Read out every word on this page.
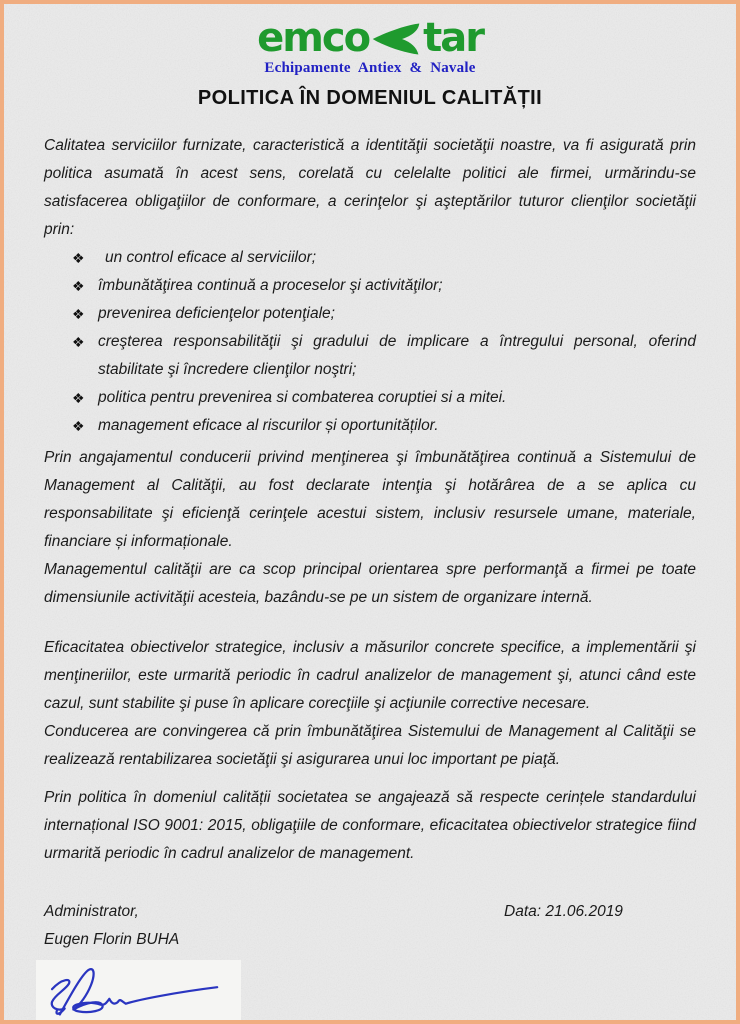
emco tar
Echipamente Antiex & Navale
POLITICA ÎN DOMENIUL CALITĂȚII

Calitatea serviciilor furnizate, caracteristică a identităţii societăţii noastre, va fi asigurată prin politica asumată în acest sens, corelată cu celelalte politici ale firmei, urmărindu-se satisfacerea obligaţiilor de conformare, a cerinţelor şi aşteptărilor tuturor clienţilor societăţii prin:

❖	un control eficace al serviciilor;
❖ îmbunătăţirea continuă a proceselor şi activităţilor;
❖ prevenirea deficienţelor potenţiale;
❖ creşterea responsabilităţii şi gradului de implicare a întregului personal, oferind stabilitate şi încredere clienţilor noştri;
❖ politica pentru prevenirea si combaterea coruptiei si a mitei.
❖ management eficace al riscurilor și oportunităților.

Prin angajamentul conducerii privind menţinerea şi îmbunătăţirea continuă a Sistemului de Management al Calităţii, au fost declarate intenţia şi hotărârea de a se aplica cu responsabilitate şi eficienţă cerinţele acestui sistem, inclusiv resursele umane, materiale, financiare și informaționale.

Managementul calităţii are ca scop principal orientarea spre performanţă a firmei pe toate dimensiunile activităţii acesteia, bazându-se pe un sistem de organizare internă.

Eficacitatea obiectivelor strategice, inclusiv a măsurilor concrete specifice, a implementării şi menţineriilor, este urmarită periodic în cadrul analizelor de management şi, atunci când este cazul, sunt stabilite şi puse în aplicare corecţiile şi acţiunile corrective necesare.

Conducerea are convingerea că prin îmbunătăţirea Sistemului de Management al Calităţii se realizează rentabilizarea societăţii şi asigurarea unui loc important pe piaţă.

Prin politica în domeniul calității societatea se angajează să respecte cerințele standardului internațional ISO 9001: 2015, obligaţiile de conformare, eficacitatea obiectivelor strategice fiind urmarită periodic în cadrul analizelor de management.

Administrator,	Data: 21.06.2019
Eugen Florin BUHA
